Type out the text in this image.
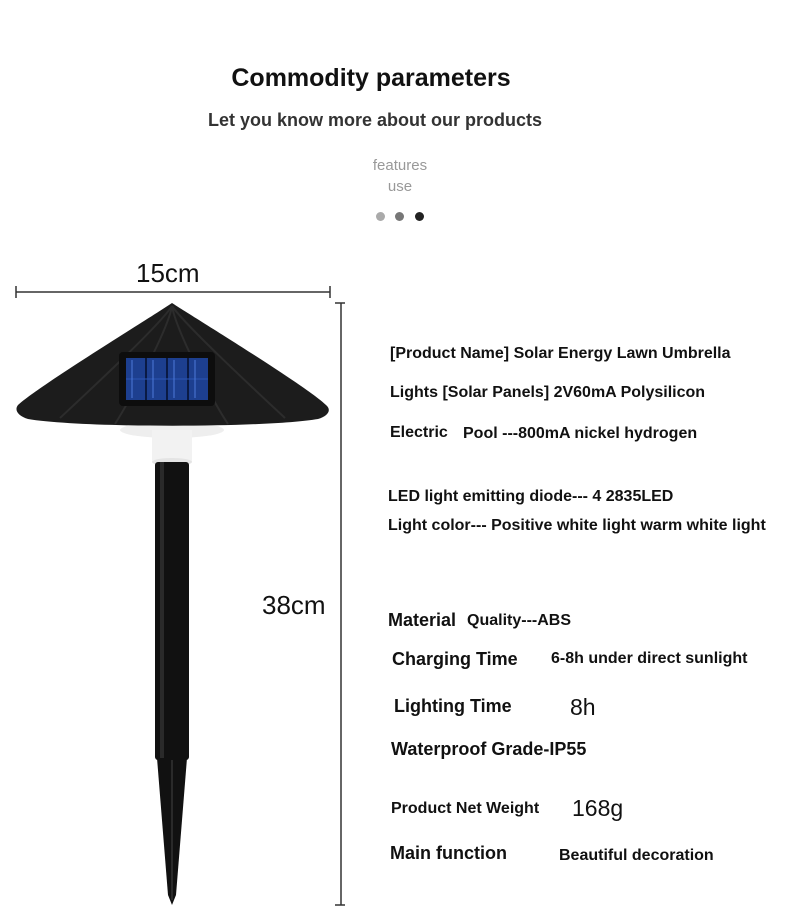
Commodity parameters
Let you know more about our products
features
use
15cm
38cm
[Product Name] Solar Energy Lawn Umbrella
Lights [Solar Panels] 2V60mA Polysilicon
Electric Pool ---800mA nickel hydrogen
LED light emitting diode--- 4 2835LED
Light color--- Positive white light warm white light
Material Quality---ABS
Charging Time 6-8h under direct sunlight
Lighting Time	8h
Waterproof Grade-IP55
Product Net Weight 168g
Main function	Beautiful decoration
